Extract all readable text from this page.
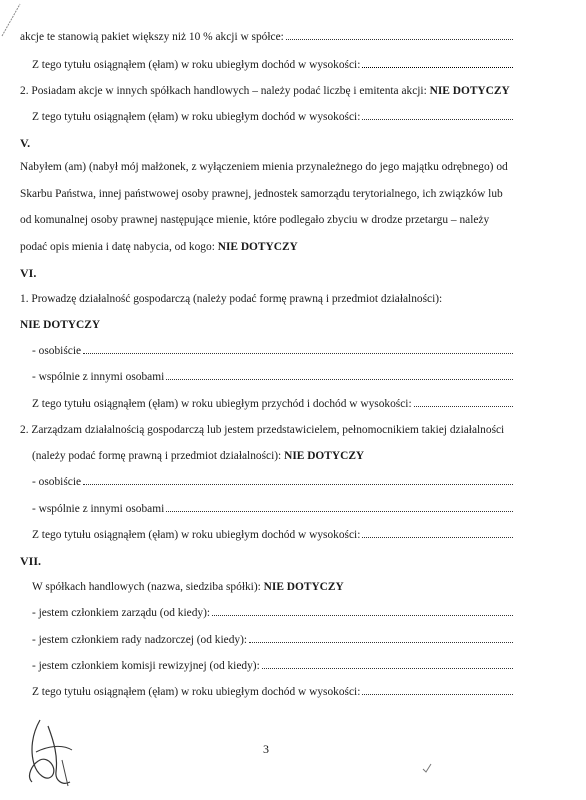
akcje te stanowią pakiet większy niż 10 % akcji w spółce:
Z tego tytułu osiągnąłem (ęłam) w roku ubiegłym dochód w wysokości:
2. Posiadam akcje w innych spółkach handlowych – należy podać liczbę i emitenta akcji: NIE DOTYCZY
Z tego tytułu osiągnąłem (ęłam) w roku ubiegłym dochód w wysokości:
V.
Nabyłem (am) (nabył mój małżonek, z wyłączeniem mienia przynależnego do jego majątku odrębnego) od
Skarbu Państwa, innej państwowej osoby prawnej, jednostek samorządu terytorialnego, ich związków lub
od komunalnej osoby prawnej następujące mienie, które podlegało zbyciu w drodze przetargu – należy
podać opis mienia i datę nabycia, od kogo: NIE DOTYCZY
VI.
1. Prowadzę działalność gospodarczą (należy podać formę prawną i przedmiot działalności):
NIE DOTYCZY
- osobiście
- wspólnie z innymi osobami
Z tego tytułu osiągnąłem (ęłam) w roku ubiegłym przychód i dochód w wysokości:
2. Zarządzam działalnością gospodarczą lub jestem przedstawicielem, pełnomocnikiem takiej działalności
(należy podać formę prawną i przedmiot działalności): NIE DOTYCZY
- osobiście
- wspólnie z innymi osobami
Z tego tytułu osiągnąłem (ęłam) w roku ubiegłym dochód w wysokości:
VII.
W spółkach handlowych (nazwa, siedziba spółki): NIE DOTYCZY
- jestem członkiem zarządu (od kiedy):
- jestem członkiem rady nadzorczej (od kiedy):
- jestem członkiem komisji rewizyjnej (od kiedy):
Z tego tytułu osiągnąłem (ęłam) w roku ubiegłym dochód w wysokości:
3
